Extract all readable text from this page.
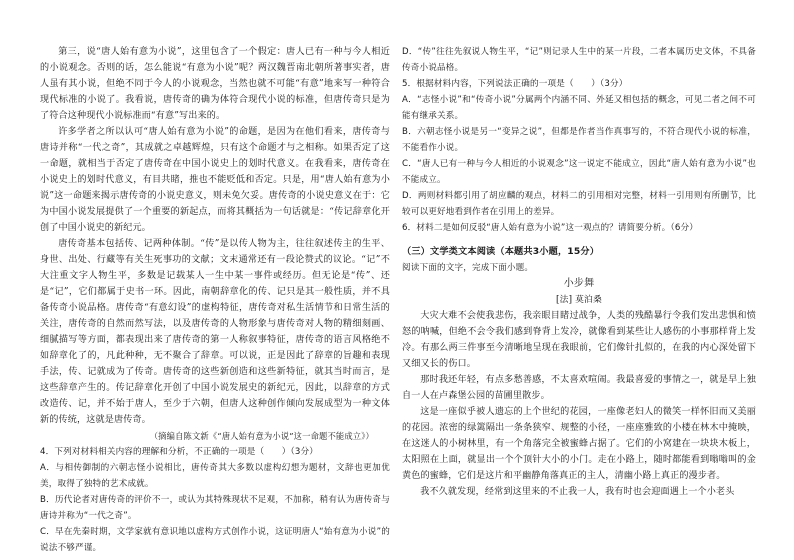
第三，说“唐人始有意为小说”，这里包含了一个假定：唐人已有一种与今人相近的小说观念。否则的话，怎么能说“有意为小说”呢？两汉魏晋南北朝所著事实者，唐人虽有其小说，但绝不同于今人的小说观念，当然也就不可能“有意”地来写一种符合现代标准的小说了。我看说，唐传奇的确为体符合现代小说的标准，但唐传奇只是为了符合这种现代小说标准而“有意”写出来的。

许多学者之所以认可“唐人始有意为小说”的命题，是因为在他们看来，唐传奇与唐诗并称“一代之奇”，其成就之卓越辉煌，只有这个命题才与之相称。如果否定了这一命题，就相当于否定了唐传奇在中国小说史上的划时代意义。在我看来，唐传奇在小说史上的划时代意义，有目共睹，推也不能贬低和否定。只是，用“唐人始有意为小说”这一命题来揭示唐传奇的小说史意义，则未免欠妥。唐传奇的小说史意义在于：它为中国小说发展提供了一个重要的新起点，而将其概括为一句话就是：“传记辞章化开创了中国小说史的新纪元。

唐传奇基本包括传、记两种体制。“传”是以传人物为主，往往叙述传主的生平、身世、出处、行藏等有关生死事功的文献；文末通常还有一段论赞式的议论。“记”不大注重文字人物生平，多数是记载某人一生中某一事件或经历。但无论是“传”、还是“记”，它们都属于史书一环。因此，南朝辞章化的传、记只是其一般性质，并不具备传奇小说品格。唐传奇“有意幻设”的虚构特征，唐传奇对私生活情节和日常生活的关注，唐传奇的自然而然写法，以及唐传奇的人物形象与唐传奇对人物的精细刻画、细腻描写等方面，都表现出来了唐传奇的第一人称叙事特征，唐传奇的语言风格绝不如辞章化了的，凡此种种，无不聚合了辞章。可以说，正是因此了辞章的旨趣和表现手法，传、记就成为了传奇。唐传奇的这些新创造和这些新特征，就其当时而言，是这些辞章产生的。传记辞章化开创了中国小说发展史的新纪元，因此，以辞章的方式改造传、记，并不始于唐人，至少于六朝，但唐人这种创作倾向发展成型为一种文体新的传统，这就是唐传奇。

（摘编自陈文新《“唐人始有意为小说”这一命题不能成立》）

4．下列对材料相关内容的理解和分析，不正确的一项是（　　）（3分）

A．与相传御制的六朝志怪小说相比，唐传奇其大多数以虚构幻想为题材，文辞也更加优美，取得了独特的艺术成就。

B．历代论者对唐传奇的评价不一，或认为其特殊现状不足观，不加称，稍有认为唐传奇与唐诗并称为“一代之奇”。

C．早在先秦时期，文学家就有意识地以虚构方式创作小说，这证明唐人“始有意为小说”的说法不够严谨。

D．“传”往往先叙说人物生平，“记”则记录人生中的某一片段，二者本属历史文体，不具备传奇小说品格。

5．根据材料内容，下列说法正确的一项是（　　）（3分）

A．“志怪小说”和“传奇小说”分属两个内涵不同、外延又相包括的概念，可见二者之间不可能有继承关系。

B．六朝志怪小说是另一“变异之说”，但都是作者当作真事写的，不符合现代小说的标准，不能看作小说。

C．“唐人已有一种与今人相近的小说观念”这一说定不能成立，因此“唐人始有意为小说”也不能成立。

D．两则材料都引用了胡应麟的观点，材料二的引用相对完整，材料一引用则有所删节，比较可以更好地看到作者在引用上的差异。

6．材料二是如何反驳“唐人始有意为小说”这一观点的？请简要分析。（6分）

（三）文学类文本阅读（本题共3小题，15分）

阅读下面的文字，完成下面小题。

小步舞

[法] 莫泊桑

大灾大难不会使我悲伤，我亲眼目睹过战争，人类的残酷暴行令我们发出悲惧和愤怒的呐喊，但绝不会令我们感到脊背上发冷，就像看到某些让人感伤的小事那样背上发冷。有那么两三件事至今清晰地呈现在我眼前，它们像针扎似的，在我的内心深处留下又细又长的伤口。

那时我还年轻，有点多愁善感，不太喜欢喧闹。我最喜爱的事情之一，就是早上独自一人在卢森堡公园的苗圃里散步。

这是一座似乎被人遗忘的上个世纪的花园，一座像老妇人的微笑一样怀旧而又美丽的花园。浓密的绿篱隔出一条条狭窄、规整的小径，一座座雅致的小楼在林木中掩映，在这迷人的小树林里，有一个角落完全被蜜蜂占据了。它们的小窝建在一块块木板上，太阳照在上面，就显出一个个顶针大小的小门。走在小路上，随时都能看到嗡嗡叫的金黄色的蜜蜂，它们是这片和平幽静角落真正的主人，清幽小路上真正的漫步者。

我不久就发现，经常到这里来的不止我一人，我有时也会迎面遇上一个小老头
